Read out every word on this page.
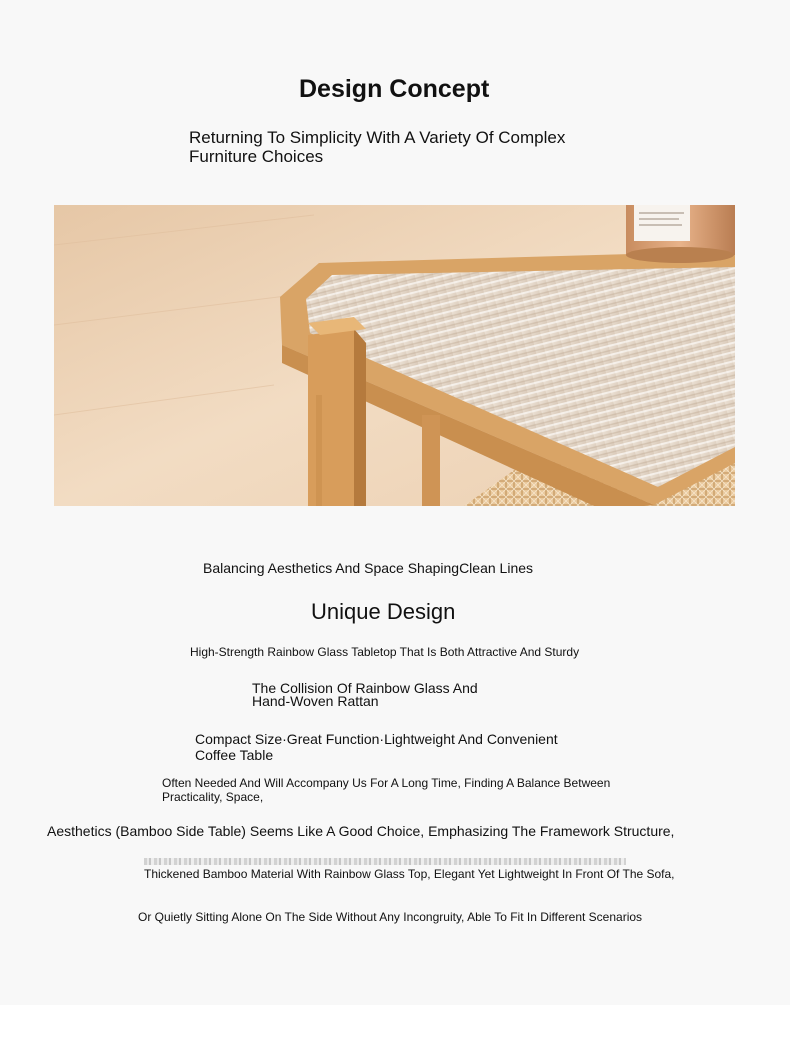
Design Concept

Returning To Simplicity With A Variety Of Complex Furniture Choices

Balancing Aesthetics And Space ShapingClean Lines

Unique Design

High-Strength Rainbow Glass Tabletop That Is Both Attractive And Sturdy

The Collision Of Rainbow Glass And Hand-Woven Rattan

Compact Size·Great Function·Lightweight And Convenient Coffee Table

Often Needed And Will Accompany Us For A Long Time, Finding A Balance Between Practicality, Space,

Aesthetics (Bamboo Side Table) Seems Like A Good Choice, Emphasizing The Framework Structure,

Thickened Bamboo Material With Rainbow Glass Top, Elegant Yet Lightweight In Front Of The Sofa,

Or Quietly Sitting Alone On The Side Without Any Incongruity, Able To Fit In Different Scenarios
